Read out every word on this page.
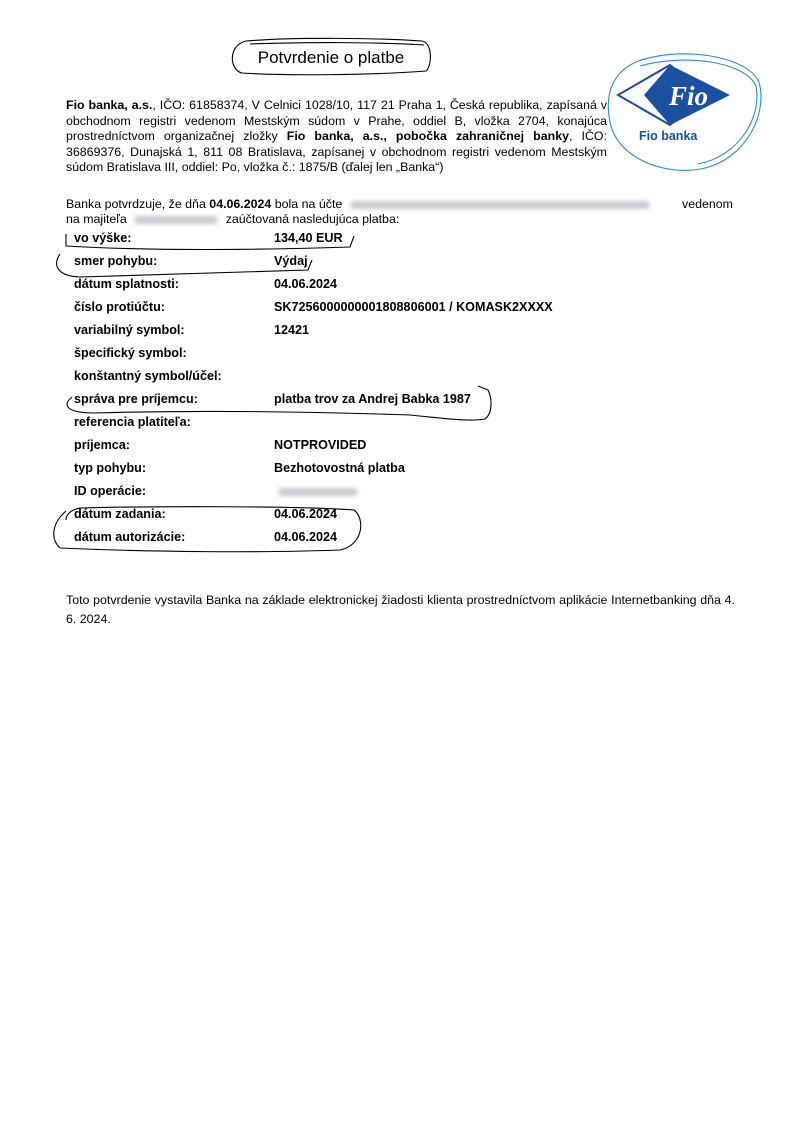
Potvrdenie o platbe
Fio
Fio banka
Fio banka, a.s., IČO: 61858374, V Celnici 1028/10, 117 21 Praha 1, Česká republika, zapísaná v obchodnom registri vedenom Mestským súdom v Prahe, oddiel B, vložka 2704, konajúca prostredníctvom organizačnej zložky Fio banka, a.s., pobočka zahraničnej banky, IČO: 36869376, Dunajská 1, 811 08 Bratislava, zapísanej v obchodnom registri vedenom Mestským súdom Bratislava III, oddiel: Po, vložka č.: 1875/B (ďalej len „Banka“)
Banka potvrdzuje, že dňa 04.06.2024 bola na účte	vedenom
na majiteľa	zaúčtovaná nasledujúca platba:
vo výške:	134,40 EUR
smer pohybu:	Výdaj
dátum splatnosti:	04.06.2024
číslo protiúčtu:	SK7256000000001808806001 / KOMASK2XXXX
variabilný symbol:	12421
špecifický symbol:
konštantný symbol/účel:
správa pre príjemcu:	platba trov za Andrej Babka 1987
referencia platiteľa:
príjemca:	NOTPROVIDED
typ pohybu:	Bezhotovostná platba
ID operácie:
dátum zadania:	04.06.2024
dátum autorizácie:	04.06.2024
Toto potvrdenie vystavila Banka na základe elektronickej žiadosti klienta prostredníctvom aplikácie Internetbanking dňa 4. 6. 2024.
